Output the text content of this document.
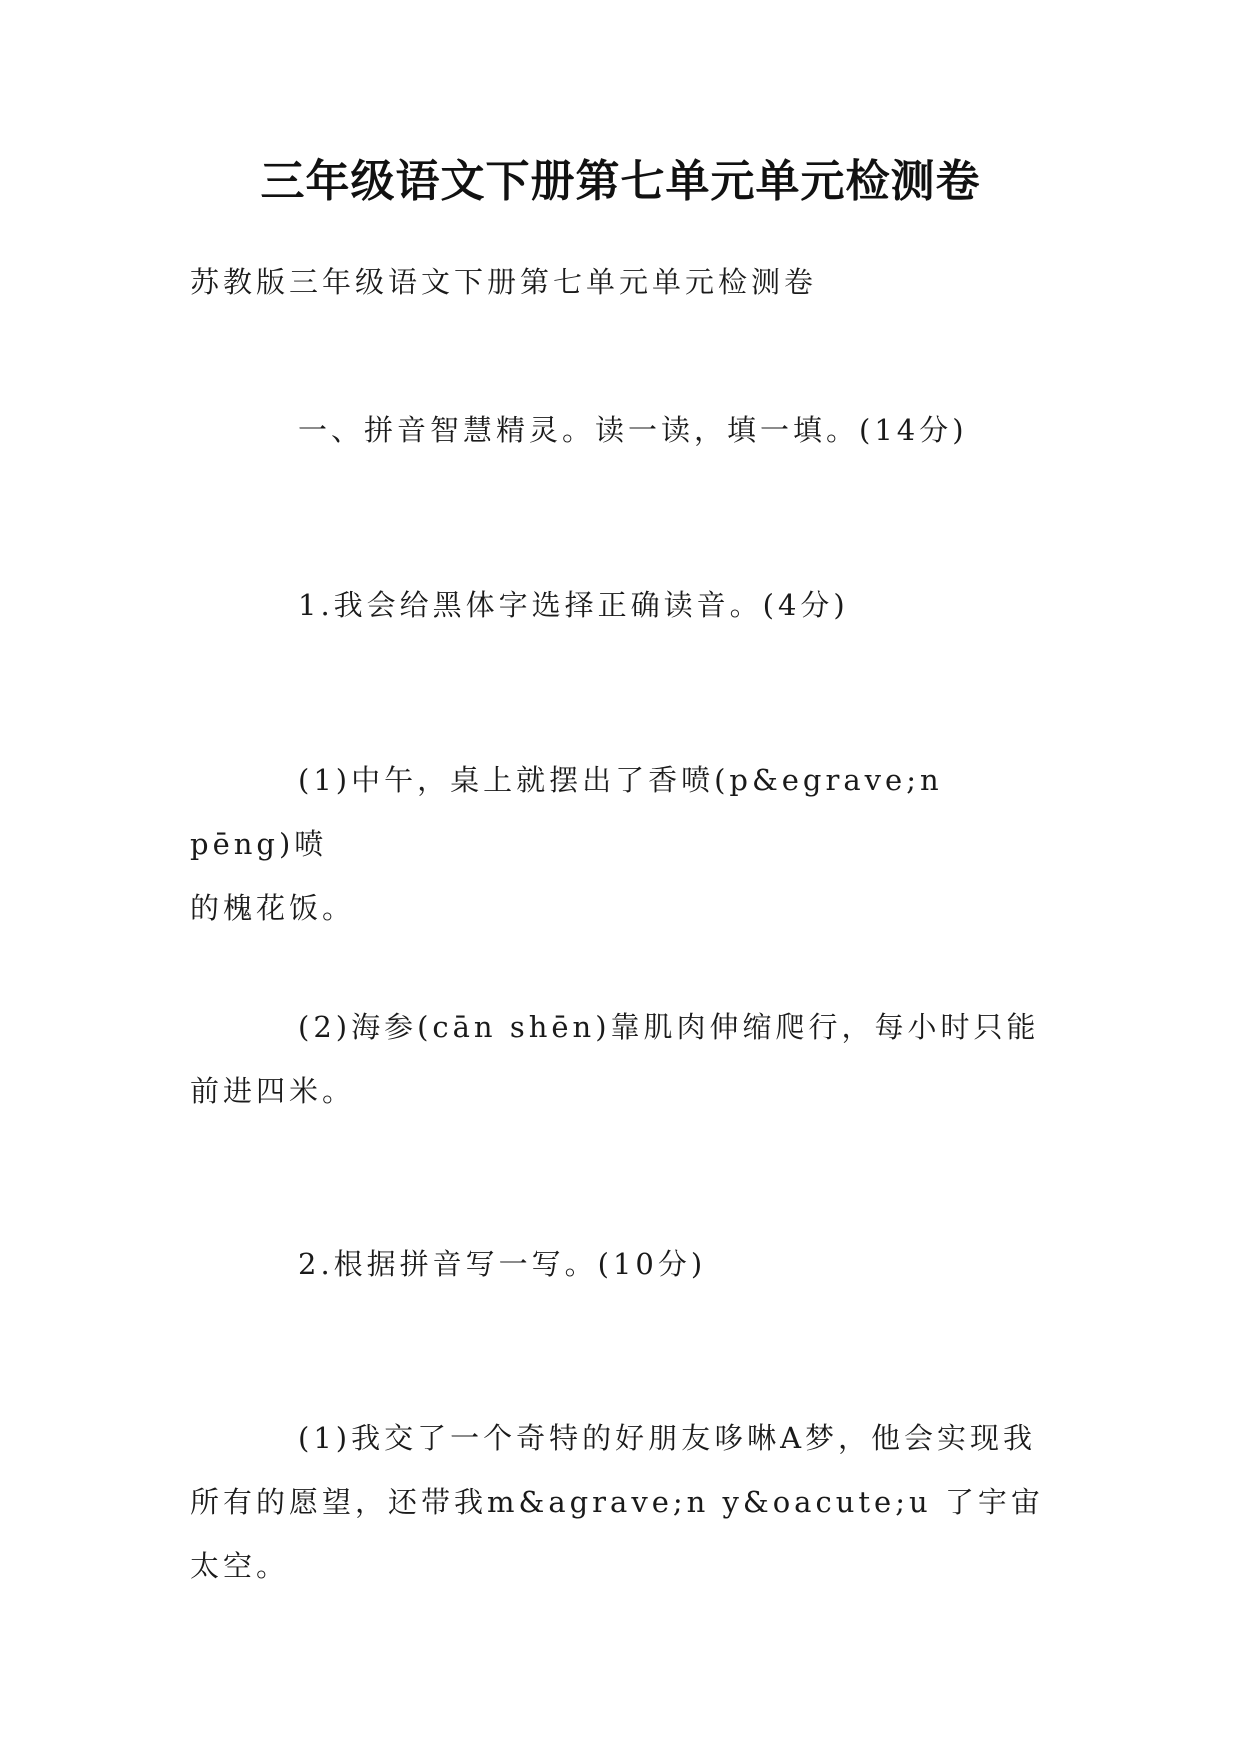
三年级语文下册第七单元单元检测卷

苏教版三年级语文下册第七单元单元检测卷

一、拼音智慧精灵。读一读，填一填。(14分)

1.我会给黑体字选择正确读音。(4分)

(1)中午，桌上就摆出了香喷(p&egrave;n pēng)喷
的槐花饭。
(2)海参(cān shēn)靠肌肉伸缩爬行，每小时只能
前进四米。

2.根据拼音写一写。(10分)

(1)我交了一个奇特的好朋友哆啉A梦，他会实现我
所有的愿望，还带我m&agrave;n y&oacute;u 了宇宙太空。
